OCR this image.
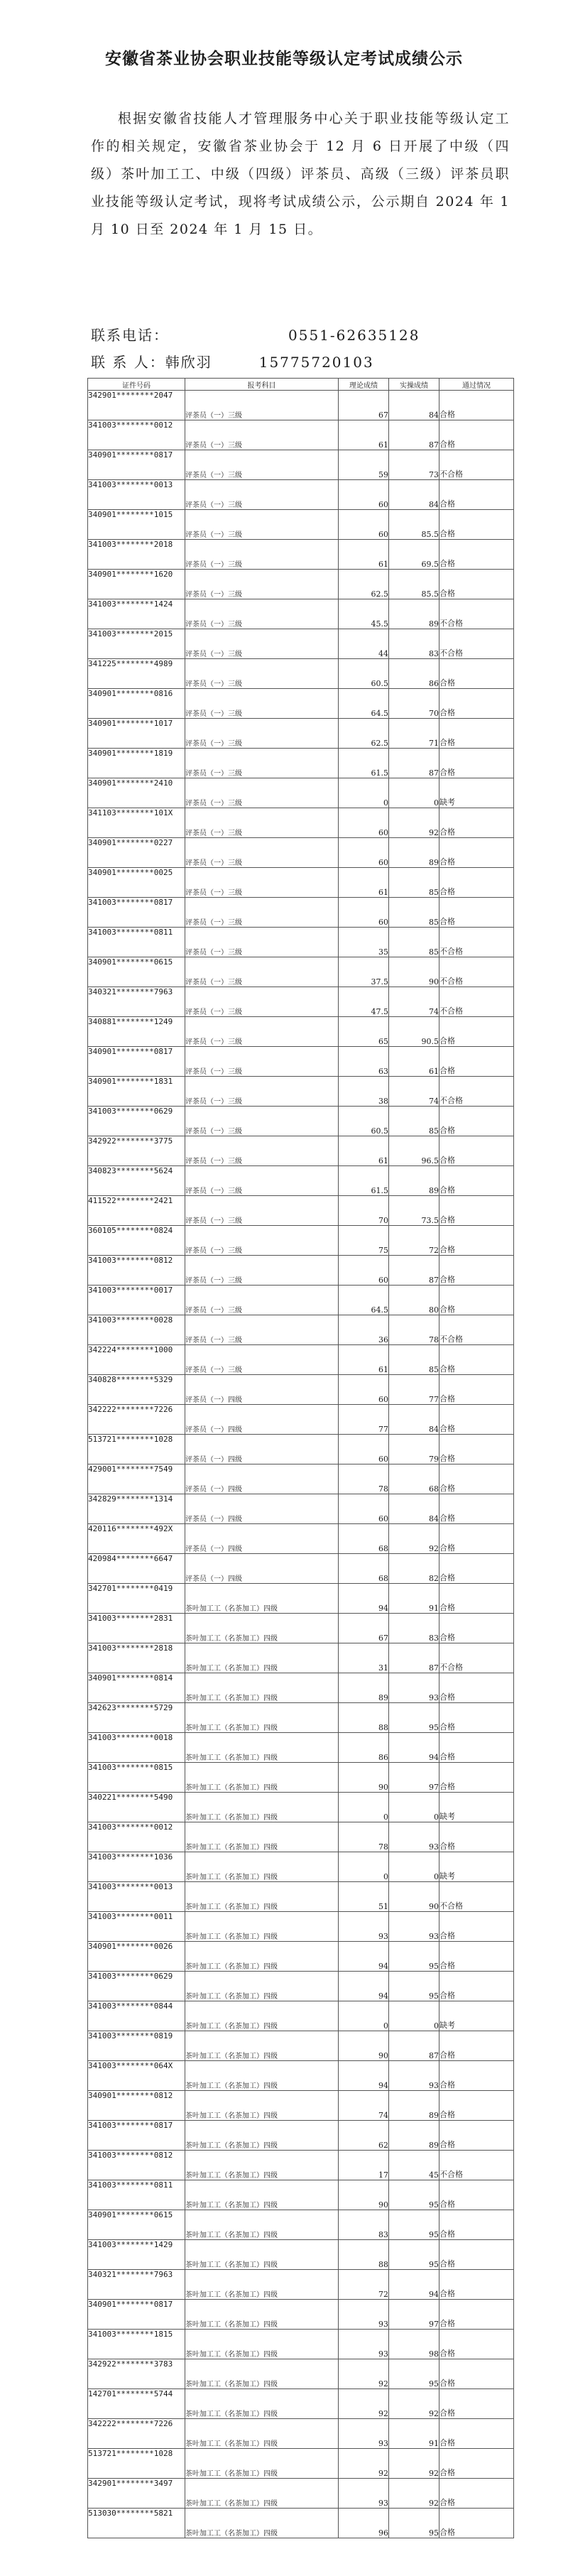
安徽省茶业协会职业技能等级认定考试成绩公示

根据安徽省技能人才管理服务中心关于职业技能等级认定工作的相关规定，安徽省茶业协会于 12 月 6 日开展了中级（四级）茶叶加工工、中级（四级）评茶员、高级（三级）评茶员职业技能等级认定考试，现将考试成绩公示，公示期自 2024 年 1 月 10 日至 2024 年 1 月 15 日。

联系电话：	0551-62635128
联 系 人：韩欣羽	15775720103
证件号码	报考科目	理论成绩	实操成绩	通过情况
342901********2047	评茶员（一）三级	67	84	合格
341003********0012	评茶员（一）三级	61	87	合格
340901********0817	评茶员（一）三级	59	73	不合格
341003********0013	评茶员（一）三级	60	84	合格
340901********1015	评茶员（一）三级	60	85.5	合格
341003********2018	评茶员（一）三级	61	69.5	合格
340901********1620	评茶员（一）三级	62.5	85.5	合格
341003********1424	评茶员（一）三级	45.5	89	不合格
341003********2015	评茶员（一）三级	44	83	不合格
341225********4989	评茶员（一）三级	60.5	86	合格
340901********0816	评茶员（一）三级	64.5	70	合格
340901********1017	评茶员（一）三级	62.5	71	合格
340901********1819	评茶员（一）三级	61.5	87	合格
340901********2410	评茶员（一）三级	0	0	缺考
341103********101X	评茶员（一）三级	60	92	合格
340901********0227	评茶员（一）三级	60	89	合格
340901********0025	评茶员（一）三级	61	85	合格
341003********0817	评茶员（一）三级	60	85	合格
341003********0811	评茶员（一）三级	35	85	不合格
340901********0615	评茶员（一）三级	37.5	90	不合格
340321********7963	评茶员（一）三级	47.5	74	不合格
340881********1249	评茶员（一）三级	65	90.5	合格
340901********0817	评茶员（一）三级	63	61	合格
340901********1831	评茶员（一）三级	38	74	不合格
341003********0629	评茶员（一）三级	60.5	85	合格
342922********3775	评茶员（一）三级	61	96.5	合格
340823********5624	评茶员（一）三级	61.5	89	合格
411522********2421	评茶员（一）三级	70	73.5	合格
360105********0824	评茶员（一）三级	75	72	合格
341003********0812	评茶员（一）三级	60	87	合格
341003********0017	评茶员（一）三级	64.5	80	合格
341003********0028	评茶员（一）三级	36	78	不合格
342224********1000	评茶员（一）三级	61	85	合格
340828********5329	评茶员（一）四级	60	77	合格
342222********7226	评茶员（一）四级	77	84	合格
513721********1028	评茶员（一）四级	60	79	合格
429001********7549	评茶员（一）四级	78	68	合格
342829********1314	评茶员（一）四级	60	84	合格
420116********492X	评茶员（一）四级	68	92	合格
420984********6647	评茶员（一）四级	68	82	合格
342701********0419	茶叶加工工（名茶加工）四级	94	91	合格
341003********2831	茶叶加工工（名茶加工）四级	67	83	合格
341003********2818	茶叶加工工（名茶加工）四级	31	87	不合格
340901********0814	茶叶加工工（名茶加工）四级	89	93	合格
342623********5729	茶叶加工工（名茶加工）四级	88	95	合格
341003********0018	茶叶加工工（名茶加工）四级	86	94	合格
341003********0815	茶叶加工工（名茶加工）四级	90	97	合格
340221********5490	茶叶加工工（名茶加工）四级	0	0	缺考
341003********0012	茶叶加工工（名茶加工）四级	78	93	合格
341003********1036	茶叶加工工（名茶加工）四级	0	0	缺考
341003********0013	茶叶加工工（名茶加工）四级	51	90	不合格
341003********0011	茶叶加工工（名茶加工）四级	93	93	合格
340901********0026	茶叶加工工（名茶加工）四级	94	95	合格
341003********0629	茶叶加工工（名茶加工）四级	94	95	合格
341003********0844	茶叶加工工（名茶加工）四级	0	0	缺考
341003********0819	茶叶加工工（名茶加工）四级	90	87	合格
341003********064X	茶叶加工工（名茶加工）四级	94	93	合格
340901********0812	茶叶加工工（名茶加工）四级	74	89	合格
341003********0817	茶叶加工工（名茶加工）四级	62	89	合格
341003********0812	茶叶加工工（名茶加工）四级	17	45	不合格
341003********0811	茶叶加工工（名茶加工）四级	90	95	合格
340901********0615	茶叶加工工（名茶加工）四级	83	95	合格
341003********1429	茶叶加工工（名茶加工）四级	88	95	合格
340321********7963	茶叶加工工（名茶加工）四级	72	94	合格
340901********0817	茶叶加工工（名茶加工）四级	93	97	合格
341003********1815	茶叶加工工（名茶加工）四级	93	98	合格
342922********3783	茶叶加工工（名茶加工）四级	92	95	合格
142701********5744	茶叶加工工（名茶加工）四级	92	92	合格
342222********7226	茶叶加工工（名茶加工）四级	93	91	合格
513721********1028	茶叶加工工（名茶加工）四级	92	92	合格
342901********3497	茶叶加工工（名茶加工）四级	93	92	合格
513030********5821	茶叶加工工（名茶加工）四级	96	95	合格
